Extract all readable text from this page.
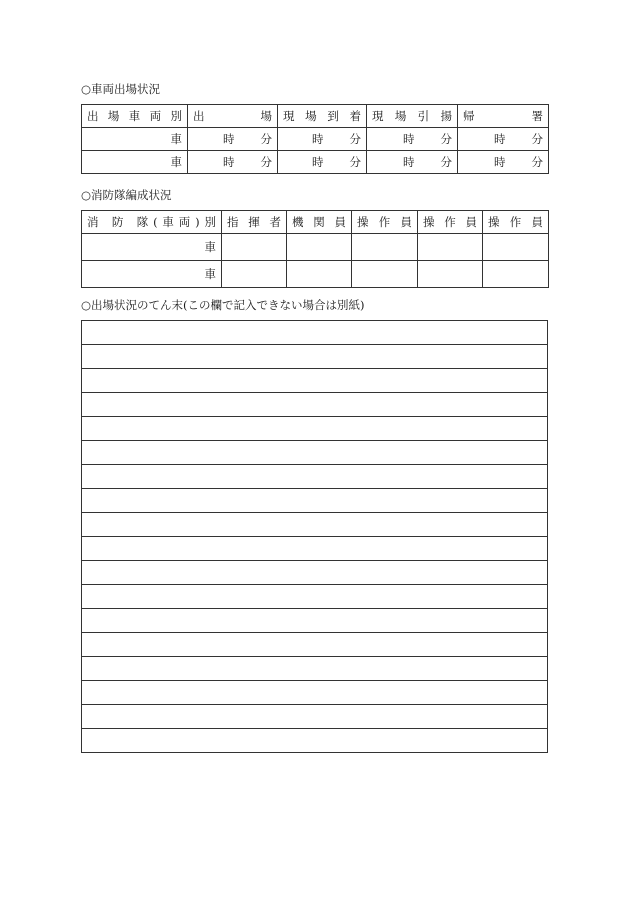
○車両出場状況
出 場 車 両 別	出 場	現 場 到 着	現 場 引 揚	帰 署
車	時 分	時 分	時 分	時 分

車	時 分	時 分	時 分	時 分
○消防隊編成状況
消 防 隊(車両)別	指 揮 者	機 関 員	操 作 員	操 作 員	操 作 員
車					
車					
○出場状況のてん末(この欄で記入できない場合は別紙)
